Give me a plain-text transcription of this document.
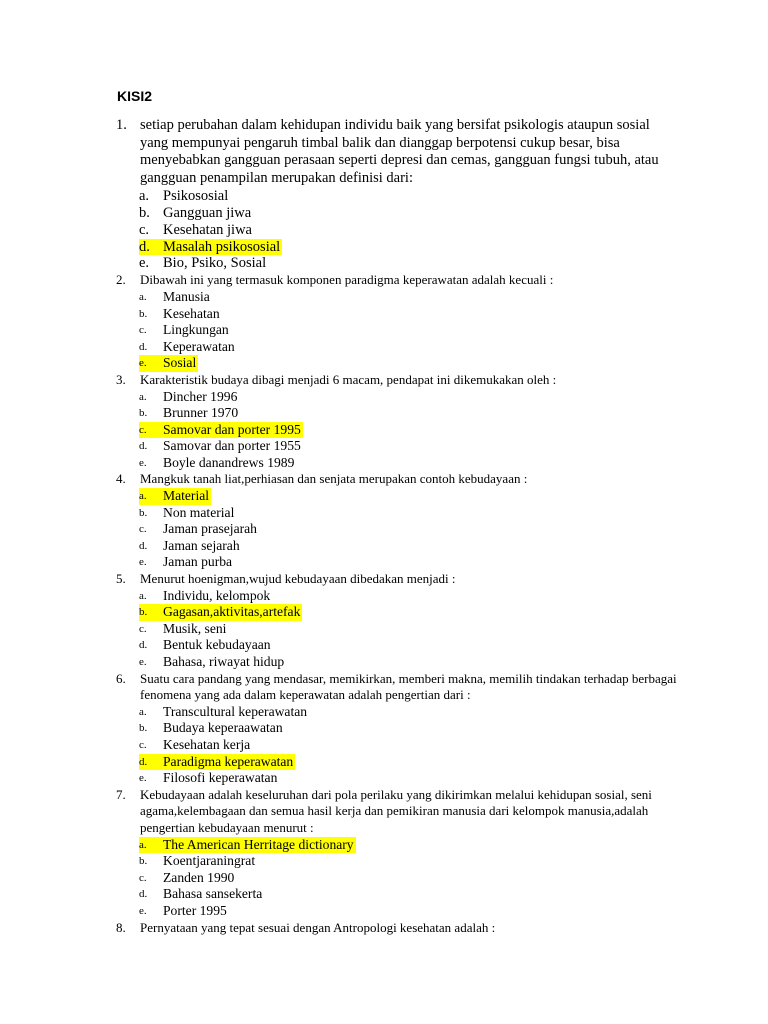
KISI2
1. setiap perubahan dalam kehidupan individu baik yang bersifat psikologis ataupun sosial yang mempunyai pengaruh timbal balik dan dianggap berpotensi cukup besar, bisa menyebabkan gangguan perasaan seperti depresi dan cemas, gangguan fungsi tubuh, atau gangguan penampilan merupakan definisi dari:
a. Psikososial
b. Gangguan jiwa
c. Kesehatan jiwa
d. Masalah psikososial
e. Bio, Psiko, Sosial
2.	Dibawah ini yang termasuk komponen paradigma keperawatan adalah kecuali :
a.	Manusia
b.	Kesehatan
c.	Lingkungan
d.	Keperawatan
e.	Sosial
3.	Karakteristik budaya dibagi menjadi 6 macam, pendapat ini dikemukakan oleh :
a.	Dincher 1996
b.	Brunner 1970
c.	Samovar dan porter 1995
d.	Samovar dan porter 1955
e.	Boyle danandrews 1989
4.	Mangkuk tanah liat,perhiasan dan senjata merupakan contoh kebudayaan :
a.	Material
b.	Non material
c.	Jaman prasejarah
d.	Jaman sejarah
e.	Jaman purba
5.	Menurut hoenigman,wujud kebudayaan dibedakan menjadi :
a.	Individu, kelompok
b.	Gagasan,aktivitas,artefak
c.	Musik, seni
d.	Bentuk kebudayaan
e.	Bahasa, riwayat hidup
6.	Suatu cara pandang yang mendasar, memikirkan, memberi makna, memilih tindakan terhadap berbagai fenomena yang ada dalam keperawatan adalah pengertian dari :
a.	Transcultural keperawatan
b.	Budaya keperaawatan
c.	Kesehatan kerja
d.	Paradigma keperawatan
e.	Filosofi keperawatan
7.	Kebudayaan adalah keseluruhan dari pola perilaku yang dikirimkan melalui kehidupan sosial, seni agama,kelembagaan dan semua hasil kerja dan pemikiran manusia dari kelompok manusia,adalah pengertian kebudayaan menurut :
a.	The American Herritage dictionary
b.	Koentjaraningrat
c.	Zanden 1990
d.	Bahasa sansekerta
e.	Porter 1995
8.	Pernyataan yang tepat sesuai dengan Antropologi kesehatan adalah :
